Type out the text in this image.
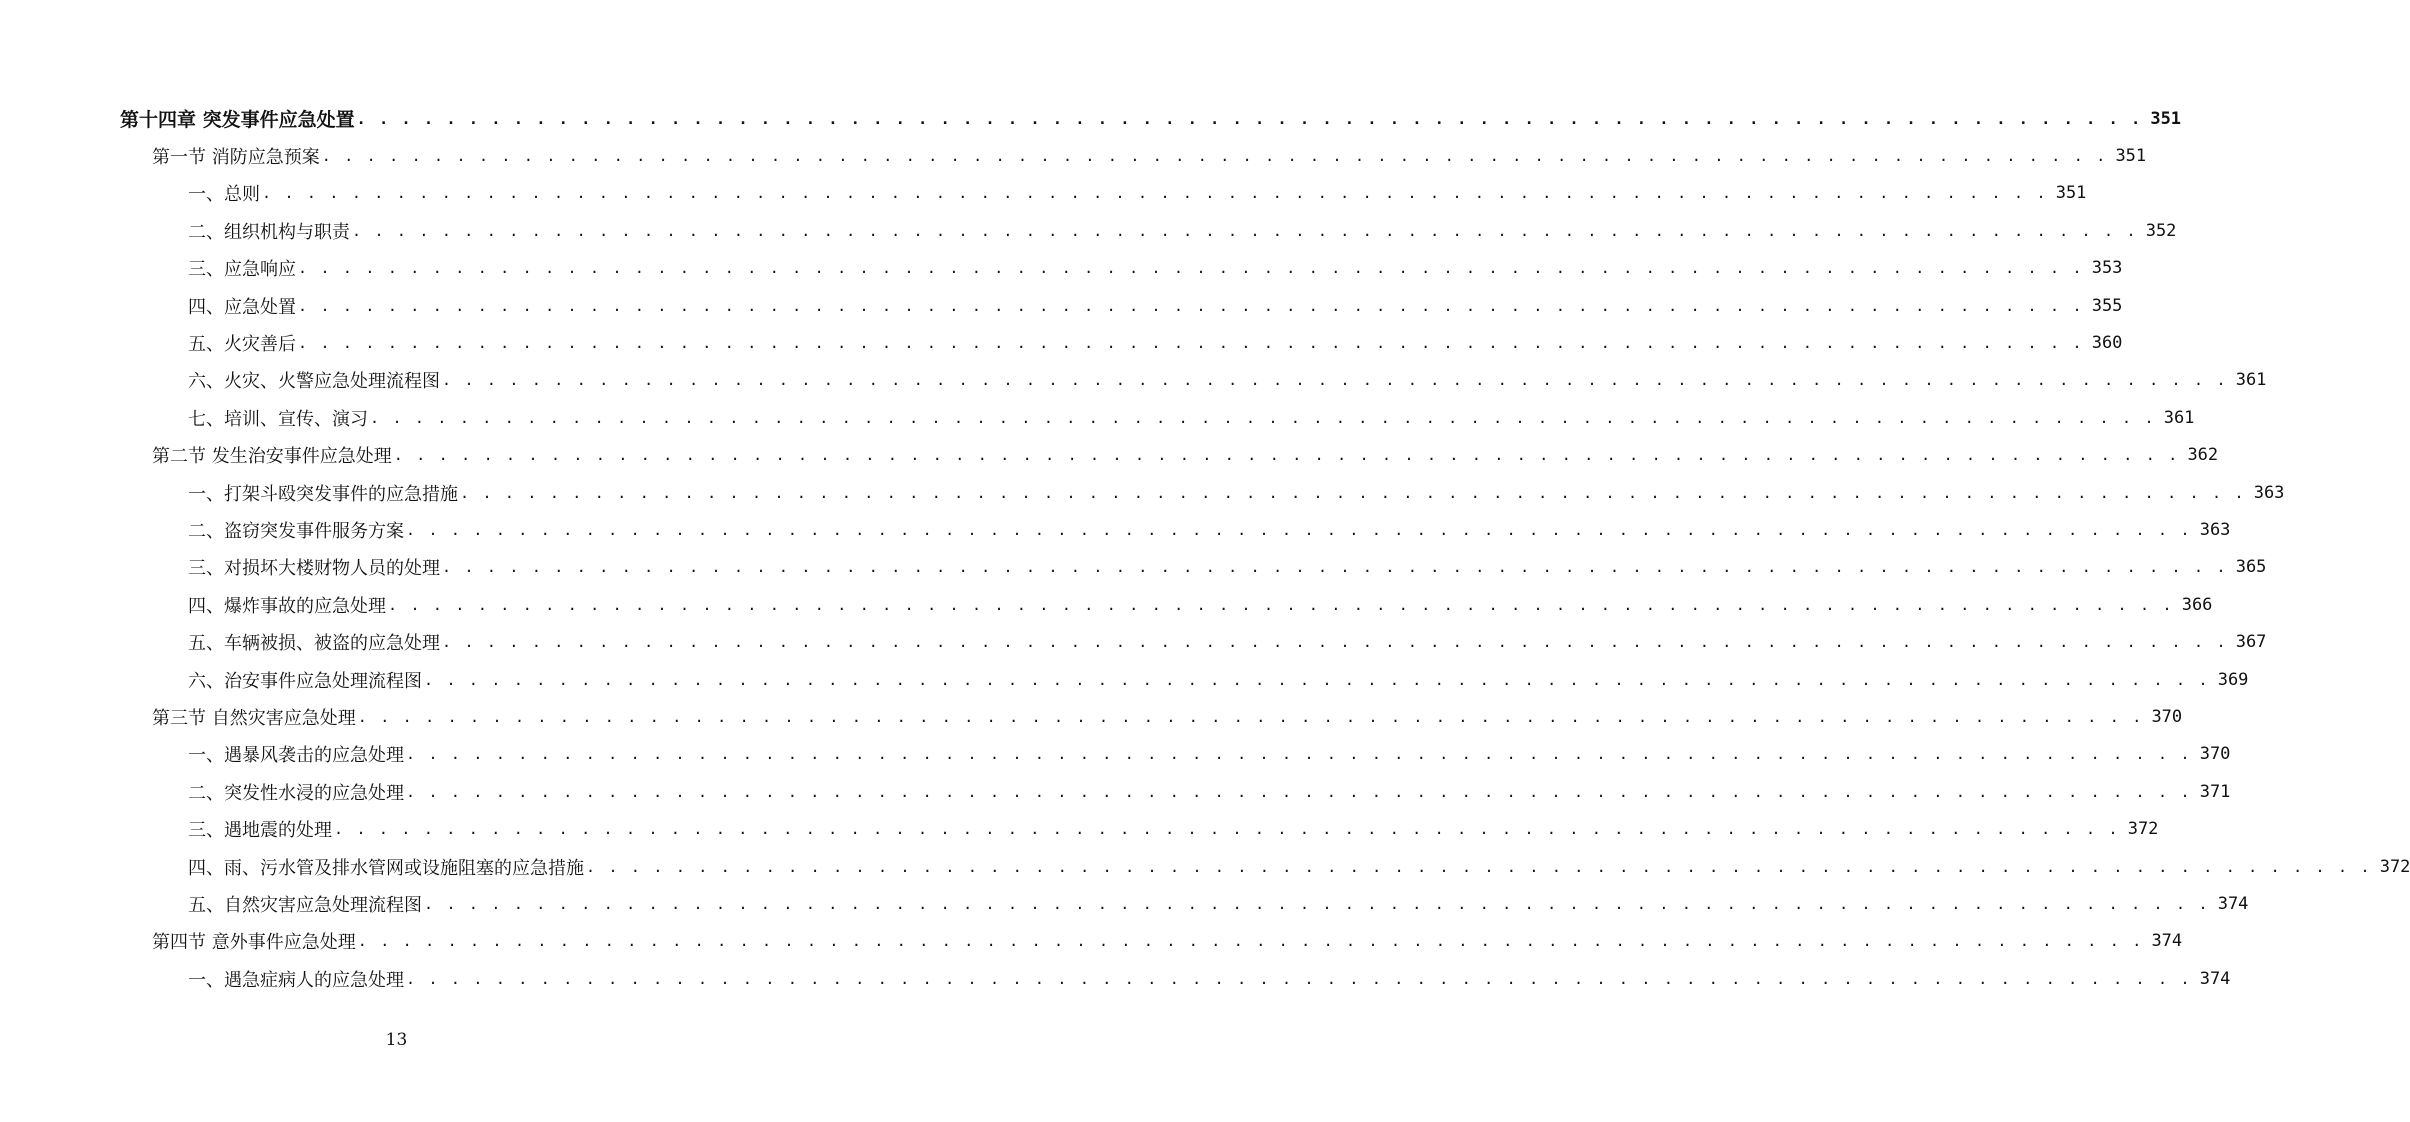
第十四章 突发事件应急处置 . . . . . . . . . . . . . . . . . . . . . . . . . . . . . . . . . . . . . . . . . . . . . . . . . . . . . . . . . . . . . . . . . . . . . . . . . . . . . . . . 351
第一节 消防应急预案 . . . . . . . . . . . . . . . . . . . . . . . . . . . . . . . . . . . . . . . . . . . . . . . . . . . . . . . . . . . . . . . . . . . . . . . . . . . . . . . . 351
一、总则 . . . . . . . . . . . . . . . . . . . . . . . . . . . . . . . . . . . . . . . . . . . . . . . . . . . . . . . . . . . . . . . . . . . . . . . . . . . . . . . . 351
二、组织机构与职责 . . . . . . . . . . . . . . . . . . . . . . . . . . . . . . . . . . . . . . . . . . . . . . . . . . . . . . . . . . . . . . . . . . . . . . . . . . . . . . . . 352
三、应急响应 . . . . . . . . . . . . . . . . . . . . . . . . . . . . . . . . . . . . . . . . . . . . . . . . . . . . . . . . . . . . . . . . . . . . . . . . . . . . . . . . 353
四、应急处置 . . . . . . . . . . . . . . . . . . . . . . . . . . . . . . . . . . . . . . . . . . . . . . . . . . . . . . . . . . . . . . . . . . . . . . . . . . . . . . . . 355
五、火灾善后 . . . . . . . . . . . . . . . . . . . . . . . . . . . . . . . . . . . . . . . . . . . . . . . . . . . . . . . . . . . . . . . . . . . . . . . . . . . . . . . . 360
六、火灾、火警应急处理流程图 . . . . . . . . . . . . . . . . . . . . . . . . . . . . . . . . . . . . . . . . . . . . . . . . . . . . . . . . . . . . . . . . . . . . . . . . . . . . . . . . 361
七、培训、宣传、演习 . . . . . . . . . . . . . . . . . . . . . . . . . . . . . . . . . . . . . . . . . . . . . . . . . . . . . . . . . . . . . . . . . . . . . . . . . . . . . . . . 361
第二节 发生治安事件应急处理 . . . . . . . . . . . . . . . . . . . . . . . . . . . . . . . . . . . . . . . . . . . . . . . . . . . . . . . . . . . . . . . . . . . . . . . . . . . . . . . . 362
一、打架斗殴突发事件的应急措施 . . . . . . . . . . . . . . . . . . . . . . . . . . . . . . . . . . . . . . . . . . . . . . . . . . . . . . . . . . . . . . . . . . . . . . . . . . . . . . . . 363
二、盗窃突发事件服务方案 . . . . . . . . . . . . . . . . . . . . . . . . . . . . . . . . . . . . . . . . . . . . . . . . . . . . . . . . . . . . . . . . . . . . . . . . . . . . . . . . 363
三、对损坏大楼财物人员的处理 . . . . . . . . . . . . . . . . . . . . . . . . . . . . . . . . . . . . . . . . . . . . . . . . . . . . . . . . . . . . . . . . . . . . . . . . . . . . . . . . 365
四、爆炸事故的应急处理 . . . . . . . . . . . . . . . . . . . . . . . . . . . . . . . . . . . . . . . . . . . . . . . . . . . . . . . . . . . . . . . . . . . . . . . . . . . . . . . . 366
五、车辆被损、被盗的应急处理 . . . . . . . . . . . . . . . . . . . . . . . . . . . . . . . . . . . . . . . . . . . . . . . . . . . . . . . . . . . . . . . . . . . . . . . . . . . . . . . . 367
六、治安事件应急处理流程图 . . . . . . . . . . . . . . . . . . . . . . . . . . . . . . . . . . . . . . . . . . . . . . . . . . . . . . . . . . . . . . . . . . . . . . . . . . . . . . . . 369
第三节 自然灾害应急处理 . . . . . . . . . . . . . . . . . . . . . . . . . . . . . . . . . . . . . . . . . . . . . . . . . . . . . . . . . . . . . . . . . . . . . . . . . . . . . . . . 370
一、遇暴风袭击的应急处理 . . . . . . . . . . . . . . . . . . . . . . . . . . . . . . . . . . . . . . . . . . . . . . . . . . . . . . . . . . . . . . . . . . . . . . . . . . . . . . . . 370
二、突发性水浸的应急处理 . . . . . . . . . . . . . . . . . . . . . . . . . . . . . . . . . . . . . . . . . . . . . . . . . . . . . . . . . . . . . . . . . . . . . . . . . . . . . . . . 371
三、遇地震的处理 . . . . . . . . . . . . . . . . . . . . . . . . . . . . . . . . . . . . . . . . . . . . . . . . . . . . . . . . . . . . . . . . . . . . . . . . . . . . . . . . 372
四、雨、污水管及排水管网或设施阻塞的应急措施 . . . . . . . . . . . . . . . . . . . . . . . . . . . . . . . . . . . . . . . . . . . . . . . . . . . . . . . . . . . . . . . . . . . . . . . . . . . . . . . . 372
五、自然灾害应急处理流程图 . . . . . . . . . . . . . . . . . . . . . . . . . . . . . . . . . . . . . . . . . . . . . . . . . . . . . . . . . . . . . . . . . . . . . . . . . . . . . . . . 374
第四节 意外事件应急处理 . . . . . . . . . . . . . . . . . . . . . . . . . . . . . . . . . . . . . . . . . . . . . . . . . . . . . . . . . . . . . . . . . . . . . . . . . . . . . . . . 374
一、遇急症病人的应急处理 . . . . . . . . . . . . . . . . . . . . . . . . . . . . . . . . . . . . . . . . . . . . . . . . . . . . . . . . . . . . . . . . . . . . . . . . . . . . . . . . 374
13
